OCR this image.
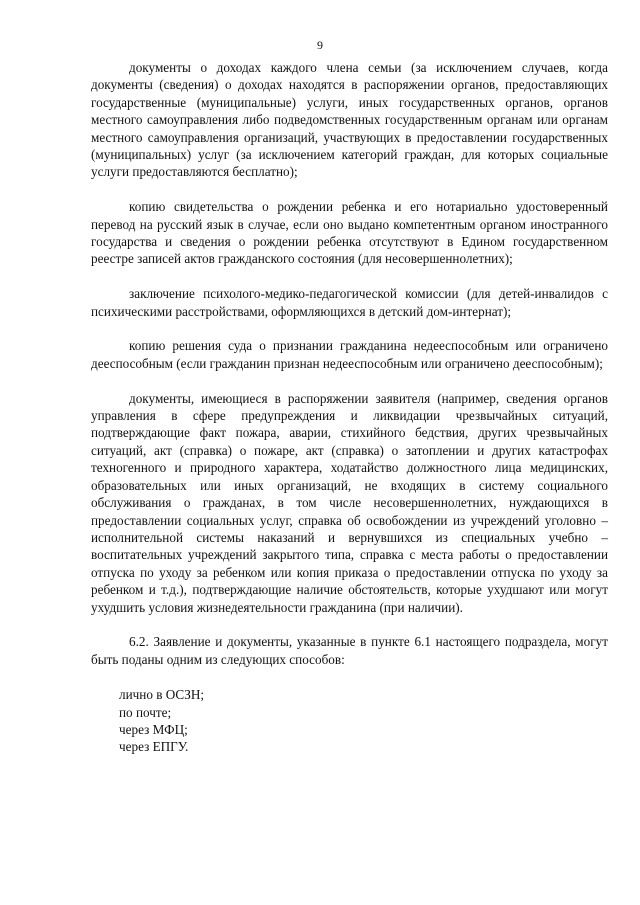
9

документы о доходах каждого члена семьи (за исключением случаев, когда документы (сведения) о доходах находятся в распоряжении органов, предоставляющих государственные (муниципальные) услуги, иных государственных органов, органов местного самоуправления либо подведомственных государственным органам или органам местного самоуправления организаций, участвующих в предоставлении государственных (муниципальных) услуг (за исключением категорий граждан, для которых социальные услуги предоставляются бесплатно);

копию свидетельства о рождении ребенка и его нотариально удостоверенный перевод на русский язык в случае, если оно выдано компетентным органом иностранного государства и сведения о рождении ребенка отсутствуют в Едином государственном реестре записей актов гражданского состояния (для несовершеннолетних);

заключение психолого-медико-педагогической комиссии (для детей-инвалидов с психическими расстройствами, оформляющихся в детский дом-интернат);

копию решения суда о признании гражданина недееспособным или ограничено дееспособным (если гражданин признан недееспособным или ограничено дееспособным);

документы, имеющиеся в распоряжении заявителя (например, сведения органов управления в сфере предупреждения и ликвидации чрезвычайных ситуаций, подтверждающие факт пожара, аварии, стихийного бедствия, других чрезвычайных ситуаций, акт (справка) о пожаре, акт (справка) о затоплении и других катастрофах техногенного и природного характера, ходатайство должностного лица медицинских, образовательных или иных организаций, не входящих в систему социального обслуживания о гражданах, в том числе несовершеннолетних, нуждающихся в предоставлении социальных услуг, справка об освобождении из учреждений уголовно – исполнительной системы наказаний и вернувшихся из специальных учебно – воспитательных учреждений закрытого типа, справка с места работы о предоставлении отпуска по уходу за ребенком или копия приказа о предоставлении отпуска по уходу за ребенком и т.д.), подтверждающие наличие обстоятельств, которые ухудшают или могут ухудшить условия жизнедеятельности гражданина (при наличии).

6.2. Заявление и документы, указанные в пункте 6.1 настоящего подраздела, могут быть поданы одним из следующих способов:

лично в ОСЗН;
по почте;
через МФЦ;
через ЕПГУ.
